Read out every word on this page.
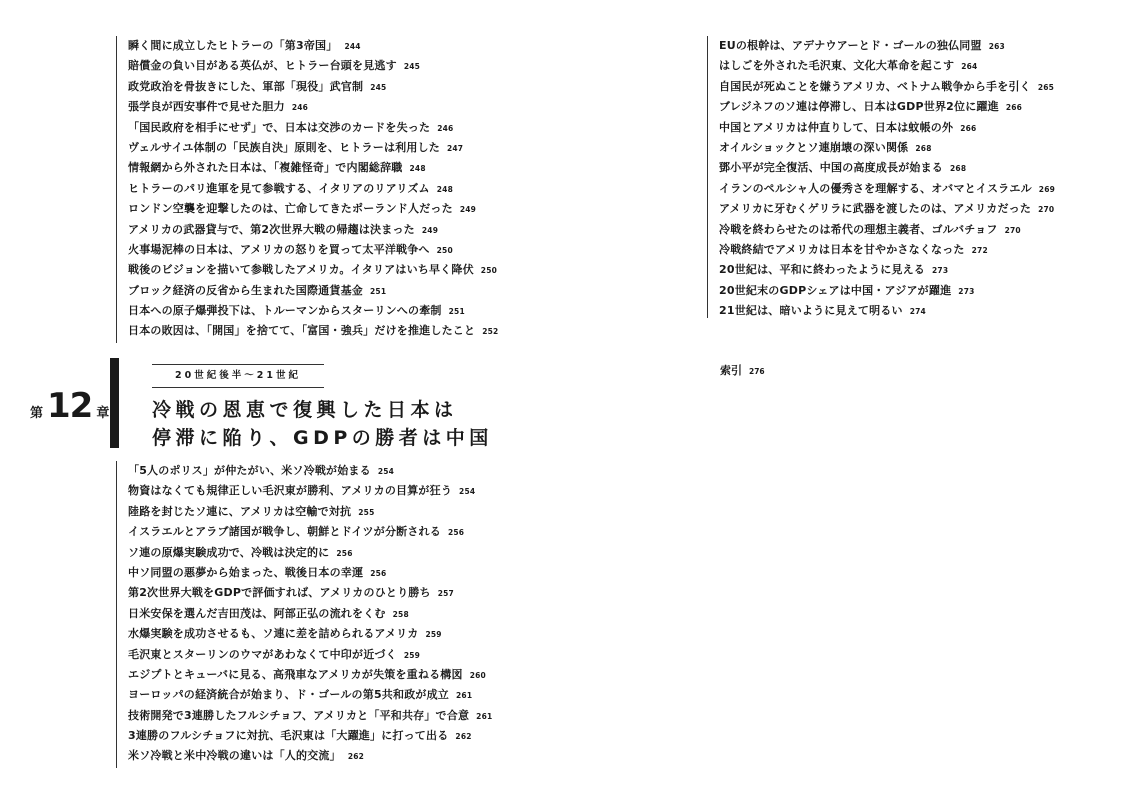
瞬く間に成立したヒトラーの「第3帝国」 244
賠償金の負い目がある英仏が、ヒトラー台頭を見逃す 245
政党政治を骨抜きにした、軍部「現役」武官制 245
張学良が西安事件で見せた胆力 246
「国民政府を相手にせず」で、日本は交渉のカードを失った 246
ヴェルサイユ体制の「民族自決」原則を、ヒトラーは利用した 247
情報網から外された日本は、「複雑怪奇」で内閣総辞職 248
ヒトラーのパリ進軍を見て参戦する、イタリアのリアリズム 248
ロンドン空襲を迎撃したのは、亡命してきたポーランド人だった 249
アメリカの武器貸与で、第2次世界大戦の帰趨は決まった 249
火事場泥棒の日本は、アメリカの怒りを買って太平洋戦争へ 250
戦後のビジョンを描いて参戦したアメリカ。イタリアはいち早く降伏 250
ブロック経済の反省から生まれた国際通貨基金 251
日本への原子爆弾投下は、トルーマンからスターリンへの牽制 251
日本の敗因は、「開国」を捨てて、「富国・強兵」だけを推進したこと 252
第 12 章
20世紀後半〜21世紀
冷戦の恩恵で復興した日本は
停滞に陥り、GDPの勝者は中国
「5人のポリス」が仲たがい、米ソ冷戦が始まる 254
物資はなくても規律正しい毛沢東が勝利、アメリカの目算が狂う 254
陸路を封じたソ連に、アメリカは空輸で対抗 255
イスラエルとアラブ諸国が戦争し、朝鮮とドイツが分断される 256
ソ連の原爆実験成功で、冷戦は決定的に 256
中ソ同盟の悪夢から始まった、戦後日本の幸運 256
第2次世界大戦をGDPで評価すれば、アメリカのひとり勝ち 257
日米安保を選んだ吉田茂は、阿部正弘の流れをくむ 258
水爆実験を成功させるも、ソ連に差を詰められるアメリカ 259
毛沢東とスターリンのウマがあわなくて中印が近づく 259
エジプトとキューバに見る、高飛車なアメリカが失策を重ねる構図 260
ヨーロッパの経済統合が始まり、ド・ゴールの第5共和政が成立 261
技術開発で3連勝したフルシチョフ、アメリカと「平和共存」で合意 261
3連勝のフルシチョフに対抗、毛沢東は「大躍進」に打って出る 262
米ソ冷戦と米中冷戦の違いは「人的交流」 262
EUの根幹は、アデナウアーとド・ゴールの独仏同盟 263
はしごを外された毛沢東、文化大革命を起こす 264
自国民が死ぬことを嫌うアメリカ、ベトナム戦争から手を引く 265
ブレジネフのソ連は停滞し、日本はGDP世界2位に躍進 266
中国とアメリカは仲直りして、日本は蚊帳の外 266
オイルショックとソ連崩壊の深い関係 268
鄧小平が完全復活、中国の高度成長が始まる 268
イランのペルシャ人の優秀さを理解する、オバマとイスラエル 269
アメリカに牙むくゲリラに武器を渡したのは、アメリカだった 270
冷戦を終わらせたのは希代の理想主義者、ゴルバチョフ 270
冷戦終結でアメリカは日本を甘やかさなくなった 272
20世紀は、平和に終わったように見える 273
20世紀末のGDPシェアは中国・アジアが躍進 273
21世紀は、暗いように見えて明るい 274
索引 276
